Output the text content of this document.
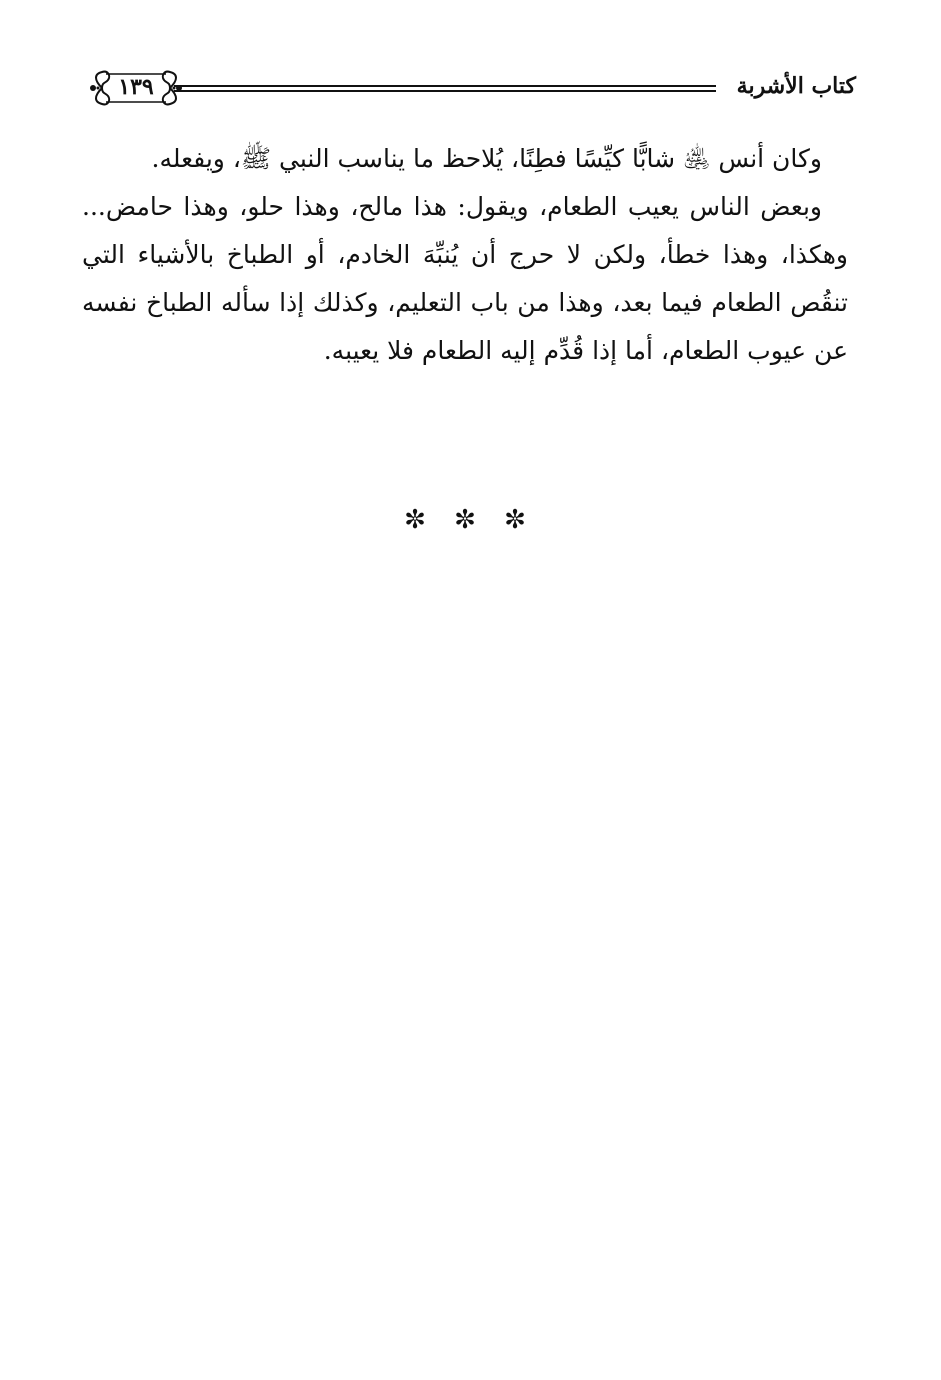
كتاب الأشربة
١٣٩

وكان أنس ﵁ شابًّا كيِّسًا فطِنًا، يُلاحظ ما يناسب النبي ﷺ، ويفعله.

وبعض الناس يعيب الطعام، ويقول: هذا مالح، وهذا حلو، وهذا حامض... وهكذا، وهذا خطأ، ولكن لا حرج أن يُنبِّهَ الخادم، أو الطباخ بالأشياء التي تنقُص الطعام فيما بعد، وهذا من باب التعليم، وكذلك إذا سأله الطباخ نفسه عن عيوب الطعام، أما إذا قُدِّم إليه الطعام فلا يعيبه.

✼	✼	✼
